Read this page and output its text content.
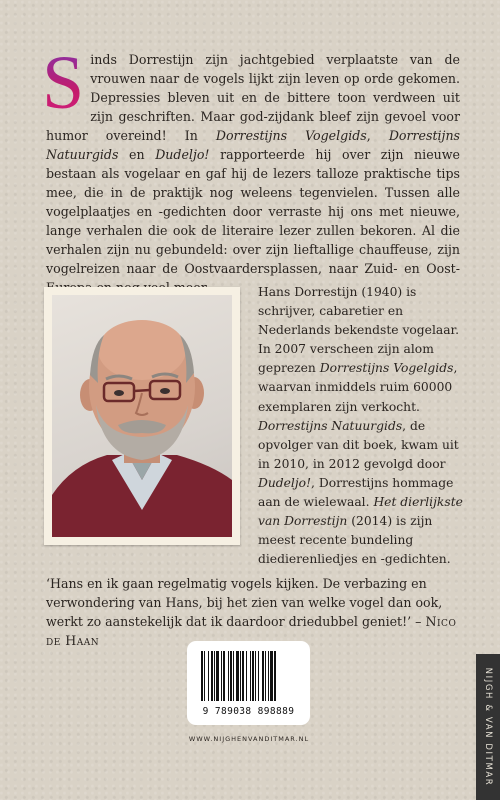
S inds Dorrestijn zijn jachtgebied verplaatste van de vrouwen naar de vogels lijkt zijn leven op orde gekomen. Depressies bleven uit en de bittere toon verdween uit zijn geschriften. Maar god-zijdank bleef zijn gevoel voor humor overeind! In Dorrestijns Vogelgids, Dorrestijns Natuurgids en Dudeljo! rapporteerde hij over zijn nieuwe bestaan als vogelaar en gaf hij de lezers talloze praktische tips mee, die in de praktijk nog weleens tegenvielen. Tussen alle vogelplaatjes en -gedichten door verraste hij ons met nieuwe, lange verhalen die ook de literaire lezer zullen bekoren. Al die verhalen zijn nu gebundeld: over zijn lieftallige chauffeuse, zijn vogelreizen naar de Oostvaardersplassen, naar Zuid- en Oost-
Hans Dorrestijn (1940) is schrijver, cabaretier en Nederlands bekendste vogelaar. In 2007 verscheen zijn alom geprezen Dorrestijns Vogelgids, waarvan inmiddels ruim 60000 exemplaren zijn verkocht. Dorrestijns Natuurgids, de opvolger van dit boek, kwam uit in 2010, in 2012 gevolgd door Dudeljo!, Dorrestijns hommage aan de wielewaal. Het dierlijkste van Dorrestijn (2014) is zijn meest recente bundeling diedierenliedjes en -gedichten.
‘Hans en ik gaan regelmatig vogels kijken. De verbazing en verwondering van Hans, bij het zien van welke vogel dan ook, werkt zo aanstekelijk dat ik daardoor driedubbel geniet!’ – Nico de Haan
9 789038 898889
WWW.NIJGHENVANDITMAR.NL	NIJGH & VAN DITMAR
